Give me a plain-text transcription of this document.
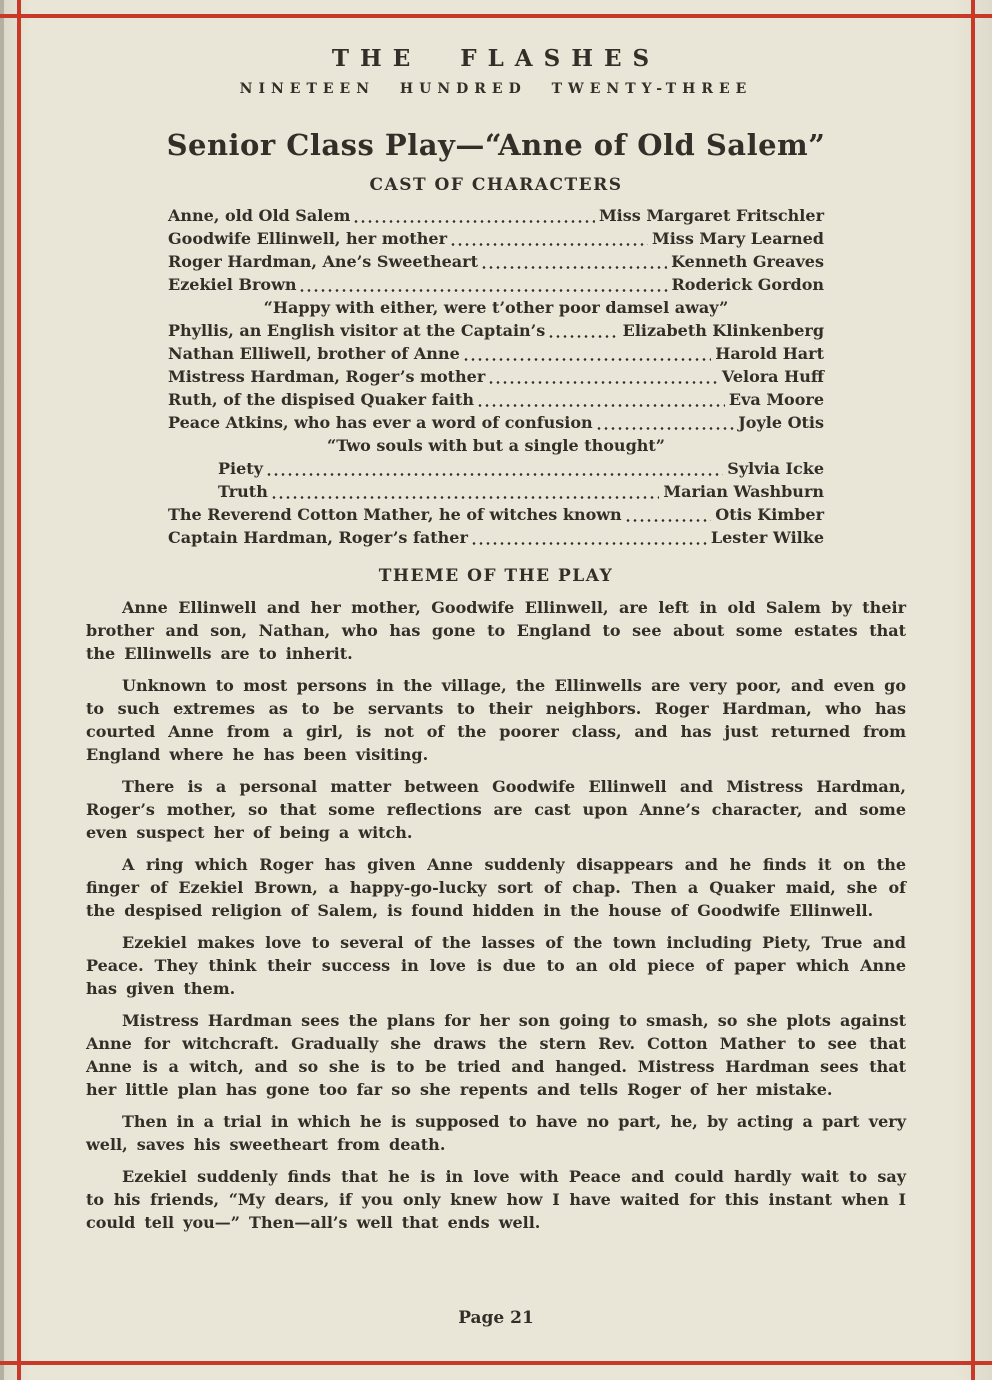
THE FLASHES
NINETEEN HUNDRED TWENTY-THREE
Senior Class Play—“Anne of Old Salem”
CAST OF CHARACTERS
Anne, old Old Salem	Miss Margaret Fritschler
Goodwife Ellinwell, her mother	Miss Mary Learned
Roger Hardman, Ane’s Sweetheart	Kenneth Greaves
Ezekiel Brown	Roderick Gordon
“Happy with either, were t’other poor damsel away”
Phyllis, an English visitor at the Captain’s	Elizabeth Klinkenberg
Nathan Elliwell, brother of Anne	Harold Hart
Mistress Hardman, Roger’s mother	Velora Huff
Ruth, of the dispised Quaker faith	Eva Moore
Peace Atkins, who has ever a word of confusion	Joyle Otis
“Two souls with but a single thought”
Piety	Sylvia Icke
Truth	Marian Washburn
The Reverend Cotton Mather, he of witches known	Otis Kimber
Captain Hardman, Roger’s father	Lester Wilke
THEME OF THE PLAY

Anne Ellinwell and her mother, Goodwife Ellinwell, are left in old Salem by their brother and son, Nathan, who has gone to England to see about some estates that the Ellinwells are to inherit.

Unknown to most persons in the village, the Ellinwells are very poor, and even go to such extremes as to be servants to their neighbors. Roger Hardman, who has courted Anne from a girl, is not of the poorer class, and has just returned from England where he has been visiting.

There is a personal matter between Goodwife Ellinwell and Mistress Hardman, Roger’s mother, so that some reflections are cast upon Anne’s character, and some even suspect her of being a witch.

A ring which Roger has given Anne suddenly disappears and he finds it on the finger of Ezekiel Brown, a happy-go-lucky sort of chap. Then a Quaker maid, she of the despised religion of Salem, is found hidden in the house of Goodwife Ellinwell.

Ezekiel makes love to several of the lasses of the town including Piety, True and Peace. They think their success in love is due to an old piece of paper which Anne has given them.

Mistress Hardman sees the plans for her son going to smash, so she plots against Anne for witchcraft. Gradually she draws the stern Rev. Cotton Mather to see that Anne is a witch, and so she is to be tried and hanged. Mistress Hardman sees that her little plan has gone too far so she repents and tells Roger of her mistake.

Then in a trial in which he is supposed to have no part, he, by acting a part very well, saves his sweetheart from death.

Ezekiel suddenly finds that he is in love with Peace and could hardly wait to say to his friends, “My dears, if you only knew how I have waited for this instant when I could tell you—” Then—all’s well that ends well.

Page 21
